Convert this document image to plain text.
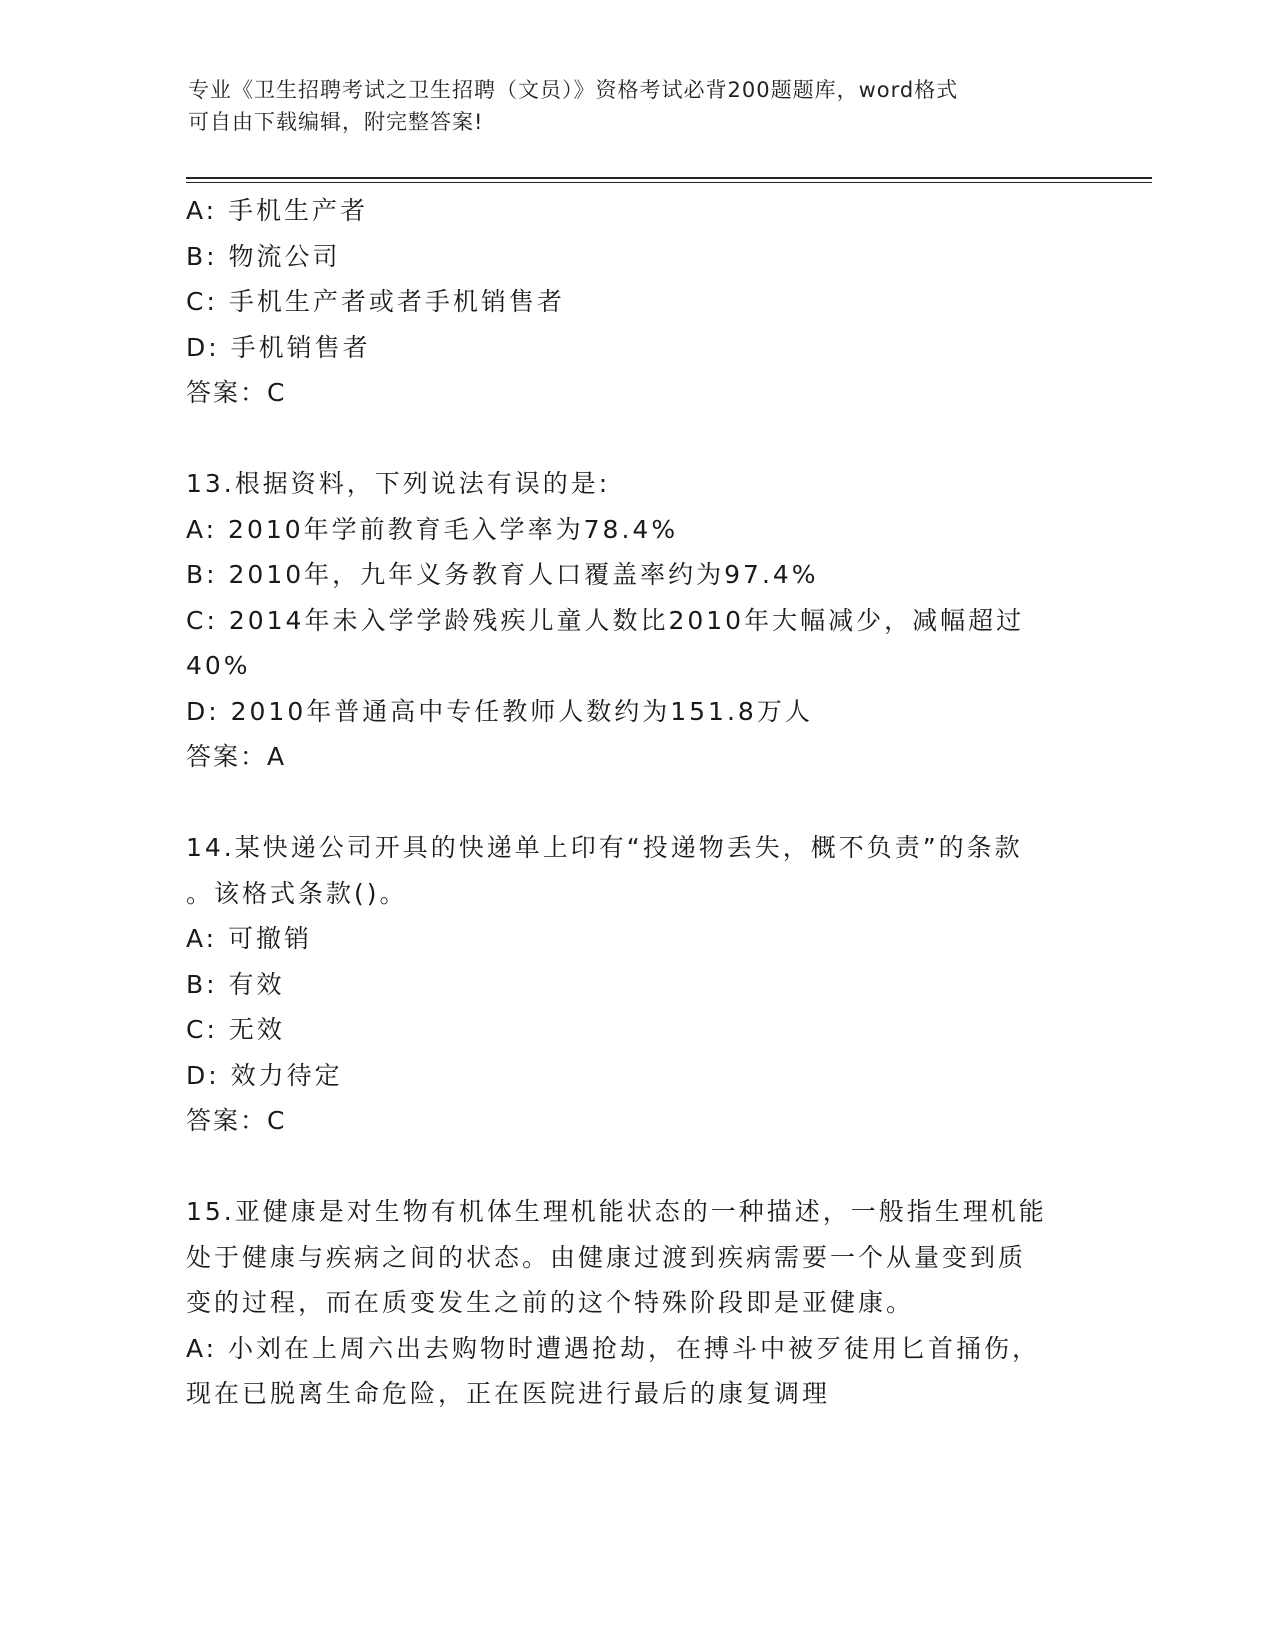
专业《卫生招聘考试之卫生招聘（文员）》资格考试必背200题题库，word格式
可自由下载编辑，附完整答案!
A: 手机生产者
B: 物流公司
C: 手机生产者或者手机销售者
D: 手机销售者
答案：C
13.根据资料，下列说法有误的是:
A: 2010年学前教育毛入学率为78.4%
B: 2010年，九年义务教育人口覆盖率约为97.4%
C: 2014年未入学学龄残疾儿童人数比2010年大幅减少，减幅超过
40%
D: 2010年普通高中专任教师人数约为151.8万人
答案：A
14.某快递公司开具的快递单上印有“投递物丢失，概不负责”的条款
。该格式条款()。
A: 可撤销
B: 有效
C: 无效
D: 效力待定
答案：C
15.亚健康是对生物有机体生理机能状态的一种描述，一般指生理机能
处于健康与疾病之间的状态。由健康过渡到疾病需要一个从量变到质
变的过程，而在质变发生之前的这个特殊阶段即是亚健康。
A: 小刘在上周六出去购物时遭遇抢劫，在搏斗中被歹徒用匕首捅伤，
现在已脱离生命危险，正在医院进行最后的康复调理
